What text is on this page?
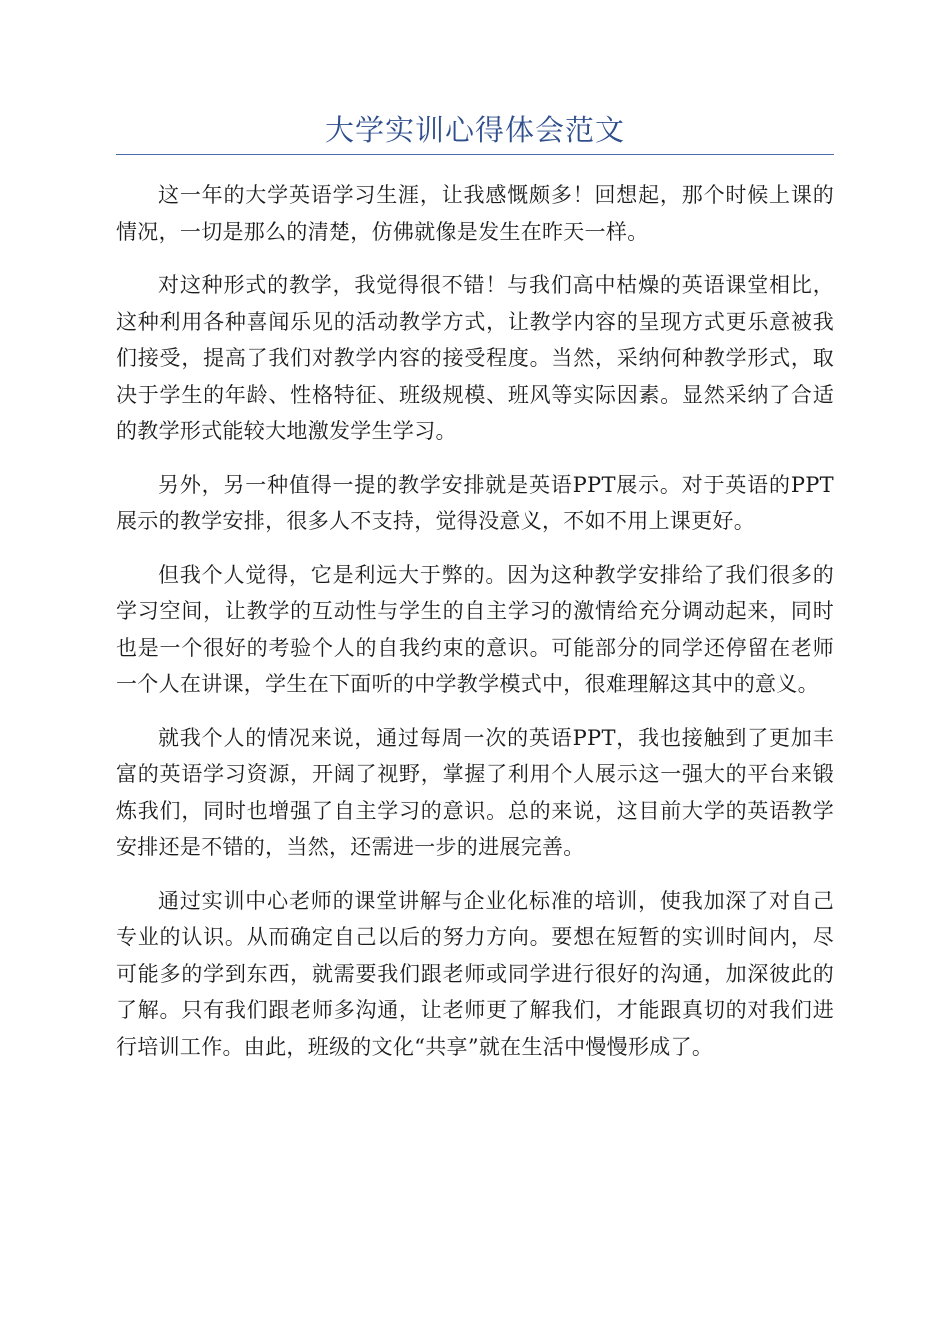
大学实训心得体会范文

这一年的大学英语学习生涯，让我感慨颇多！回想起，那个时候上课的情况，一切是那么的清楚，仿佛就像是发生在昨天一样。

对这种形式的教学，我觉得很不错！与我们高中枯燥的英语课堂相比，这种利用各种喜闻乐见的活动教学方式，让教学内容的呈现方式更乐意被我们接受，提高了我们对教学内容的接受程度。当然，采纳何种教学形式，取决于学生的年龄、性格特征、班级规模、班风等实际因素。显然采纳了合适的教学形式能较大地激发学生学习。

另外，另一种值得一提的教学安排就是英语PPT展示。对于英语的PPT展示的教学安排，很多人不支持，觉得没意义，不如不用上课更好。

但我个人觉得，它是利远大于弊的。因为这种教学安排给了我们很多的学习空间，让教学的互动性与学生的自主学习的激情给充分调动起来，同时也是一个很好的考验个人的自我约束的意识。可能部分的同学还停留在老师一个人在讲课，学生在下面听的中学教学模式中，很难理解这其中的意义。

就我个人的情况来说，通过每周一次的英语PPT，我也接触到了更加丰富的英语学习资源，开阔了视野，掌握了利用个人展示这一强大的平台来锻炼我们，同时也增强了自主学习的意识。总的来说，这目前大学的英语教学安排还是不错的，当然，还需进一步的进展完善。

通过实训中心老师的课堂讲解与企业化标准的培训，使我加深了对自己专业的认识。从而确定自己以后的努力方向。要想在短暂的实训时间内，尽可能多的学到东西，就需要我们跟老师或同学进行很好的沟通，加深彼此的了解。只有我们跟老师多沟通，让老师更了解我们，才能跟真切的对我们进行培训工作。由此，班级的文化“共享”就在生活中慢慢形成了。
